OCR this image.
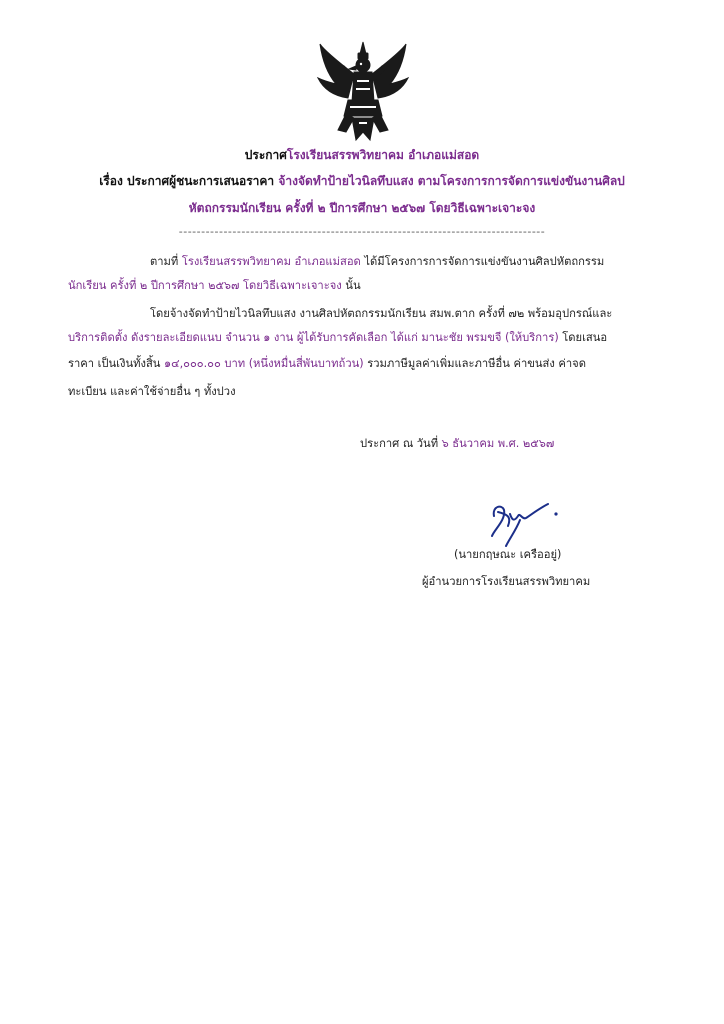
ประกาศโรงเรียนสรรพวิทยาคม อำเภอแม่สอด
เรื่อง ประกาศผู้ชนะการเสนอราคา จ้างจัดทำป้ายไวนิลทึบแสง ตามโครงการการจัดการแข่งขันงานศิลป
หัตถกรรมนักเรียน ครั้งที่ ๒ ปีการศึกษา ๒๕๖๗ โดยวิธีเฉพาะเจาะจง
----------------------------------------------------------------------------------
ตามที่ โรงเรียนสรรพวิทยาคม อำเภอแม่สอด ได้มีโครงการการจัดการแข่งขันงานศิลปหัตถกรรม
นักเรียน ครั้งที่ ๒ ปีการศึกษา ๒๕๖๗ โดยวิธีเฉพาะเจาะจง นั้น
โดยจ้างจัดทำป้ายไวนิลทึบแสง งานศิลปหัตถกรรมนักเรียน สมพ.ตาก ครั้งที่ ๗๒ พร้อมอุปกรณ์และ
บริการติดตั้ง ดังรายละเอียดแนบ จำนวน ๑ งาน ผู้ได้รับการคัดเลือก ได้แก่ มานะชัย พรมขจี (ให้บริการ) โดยเสนอ
ราคา เป็นเงินทั้งสิ้น ๑๔,๐๐๐.๐๐ บาท (หนึ่งหมื่นสี่พันบาทถ้วน) รวมภาษีมูลค่าเพิ่มและภาษีอื่น ค่าขนส่ง ค่าจด
ทะเบียน และค่าใช้จ่ายอื่น ๆ ทั้งปวง
ประกาศ ณ วันที่ ๖ ธันวาคม พ.ศ. ๒๕๖๗
(นายกฤษณะ เครืออยู่)
ผู้อำนวยการโรงเรียนสรรพวิทยาคม
